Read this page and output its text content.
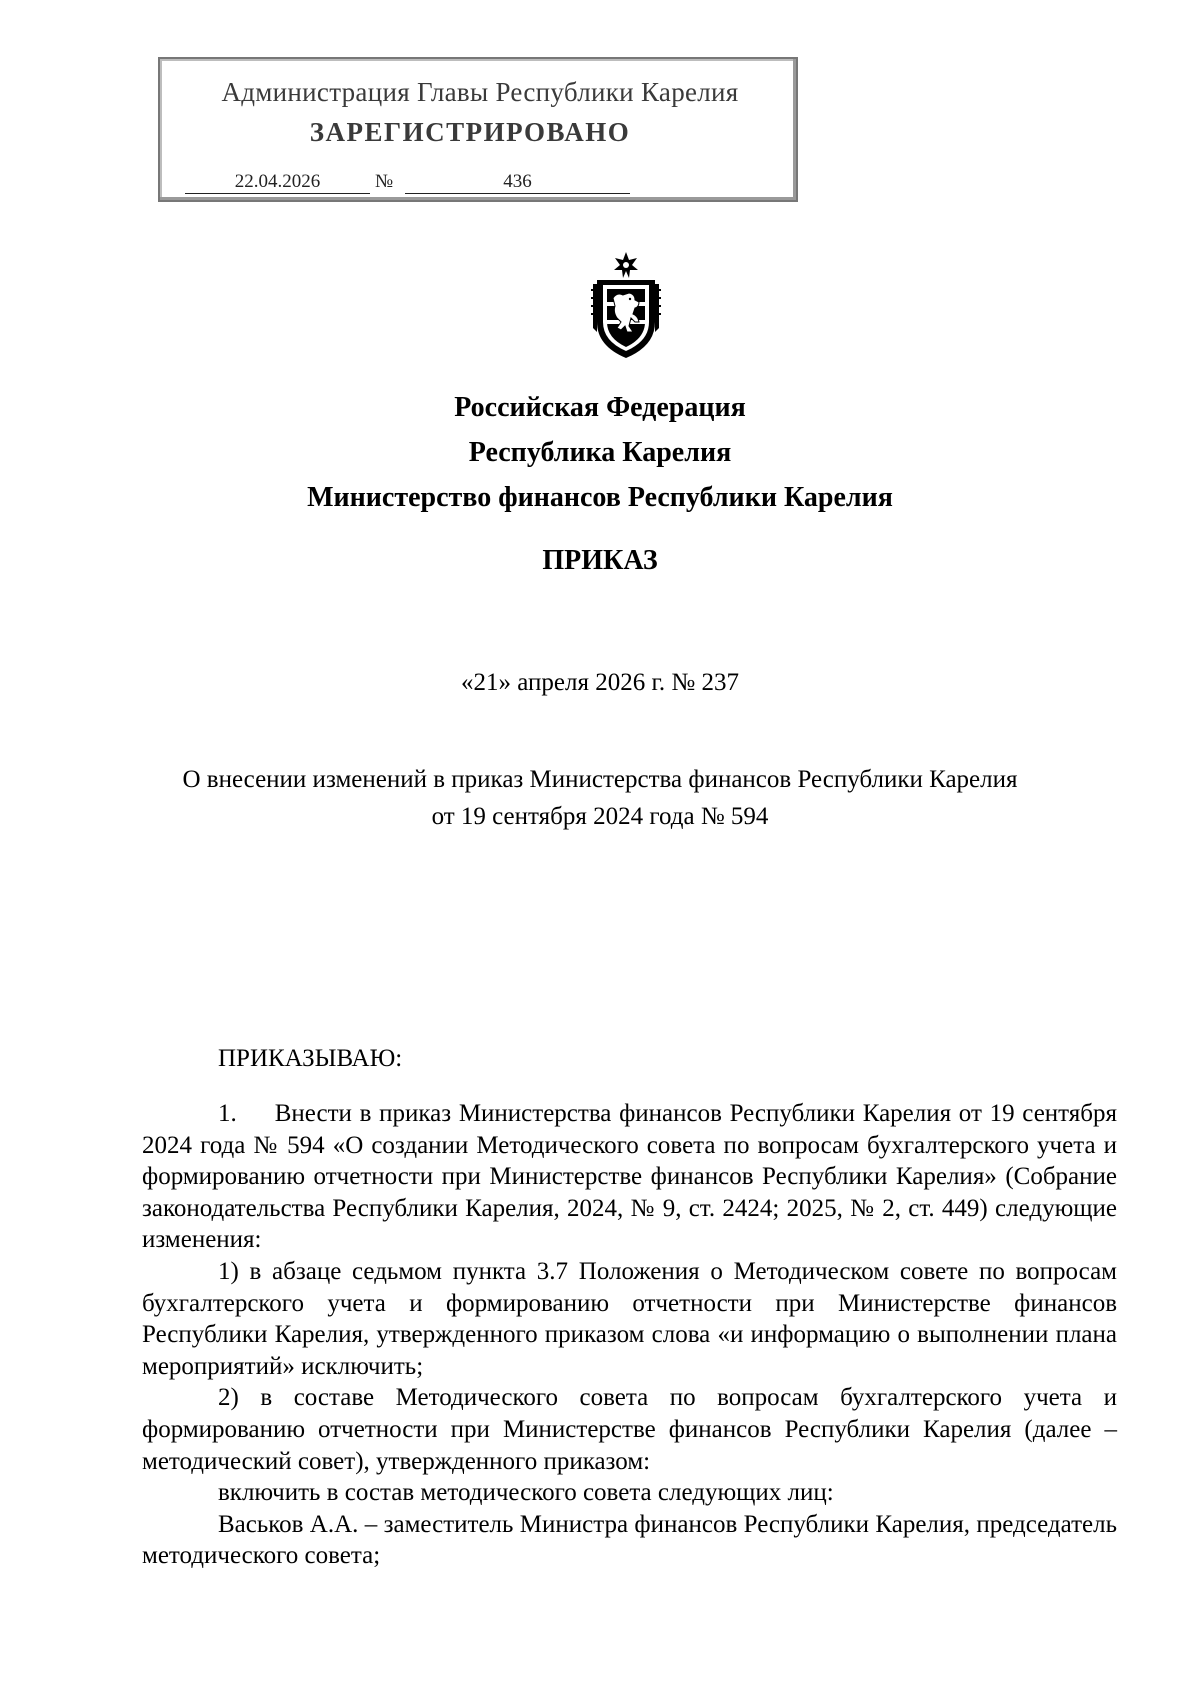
Администрация Главы Республики Карелия
ЗАРЕГИСТРИРОВАНО
22.04.2026	№	436
Российская Федерация
Республика Карелия
Министерство финансов Республики Карелия
ПРИКАЗ
«21» апреля 2026 г. № 237
О внесении изменений в приказ Министерства финансов Республики Карелия
от 19 сентября 2024 года № 594
ПРИКАЗЫВАЮ:

1. Внести в приказ Министерства финансов Республики Карелия от 19 сентября 2024 года № 594 «О создании Методического совета по вопросам бухгалтерского учета и формированию отчетности при Министерстве финансов Республики Карелия» (Собрание законодательства Республики Карелия, 2024, № 9, ст. 2424; 2025, № 2, ст. 449) следующие изменения:

1) в абзаце седьмом пункта 3.7 Положения о Методическом совете по вопросам бухгалтерского учета и формированию отчетности при Министерстве финансов Республики Карелия, утвержденного приказом слова «и информацию о выполнении плана мероприятий» исключить;

2) в составе Методического совета по вопросам бухгалтерского учета и формированию отчетности при Министерстве финансов Республики Карелия (далее – методический совет), утвержденного приказом:

включить в состав методического совета следующих лиц:

Васьков А.А. – заместитель Министра финансов Республики Карелия, председатель методического совета;
